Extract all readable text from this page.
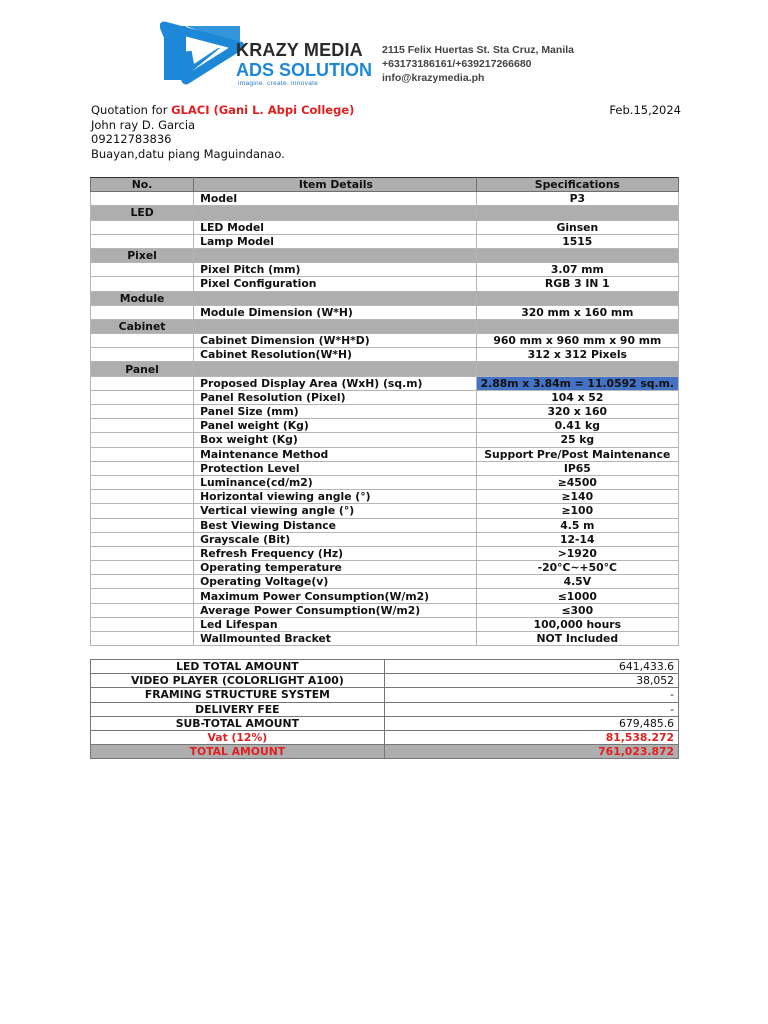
KRAZY MEDIA
ADS SOLUTION
imagine. create. innovate
2115 Felix Huertas St. Sta Cruz, Manila
+63173186161/+639217266680
info@krazymedia.ph
Quotation for GLACI (Gani L. Abpi College)	Feb.15,2024
John ray D. Garcia
09212783836
Buayan,datu piang Maguindanao.
No.	Item Details	Specifications
	Model	P3
LED		
	LED Model	Ginsen
	Lamp Model	1515
Pixel		
	Pixel Pitch (mm)	3.07 mm
	Pixel Configuration	RGB 3 IN 1
Module		
	Module Dimension (W*H)	320 mm x 160 mm
Cabinet		
	Cabinet Dimension (W*H*D)	960 mm x 960 mm x 90 mm
	Cabinet Resolution(W*H)	312 x 312 Pixels
Panel		
	Proposed Display Area (WxH) (sq.m)	2.88m x 3.84m = 11.0592 sq.m.
	Panel Resolution (Pixel)	104 x 52
	Panel Size (mm)	320 x 160
	Panel weight (Kg)	0.41 kg
	Box weight (Kg)	25 kg
	Maintenance Method	Support Pre/Post Maintenance
	Protection Level	IP65
	Luminance(cd/m2)	≥4500
	Horizontal viewing angle (°)	≥140
	Vertical viewing angle (°)	≥100
	Best Viewing Distance	4.5 m
	Grayscale (Bit)	12-14
	Refresh Frequency (Hz)	>1920
	Operating temperature	-20°C~+50°C
	Operating Voltage(v)	4.5V
	Maximum Power Consumption(W/m2)	≤1000
	Average Power Consumption(W/m2)	≤300
	Led Lifespan	100,000 hours
	Wallmounted Bracket	NOT Included
LED TOTAL AMOUNT	641,433.6
VIDEO PLAYER (COLORLIGHT A100)	38,052
FRAMING STRUCTURE SYSTEM	-
DELIVERY FEE	-
SUB-TOTAL AMOUNT	679,485.6
Vat (12%)	81,538.272
TOTAL AMOUNT	761,023.872
